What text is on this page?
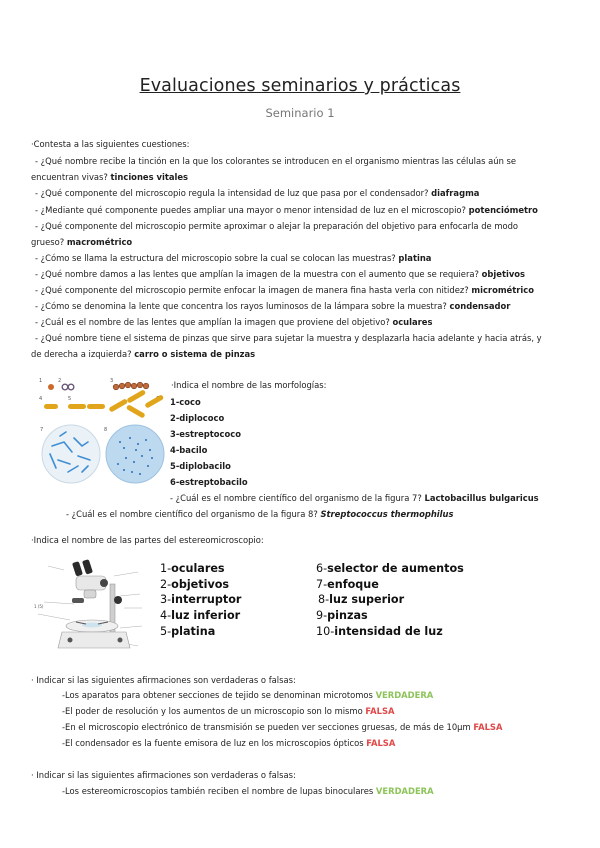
Evaluaciones seminarios y prácticas
Seminario 1
·Contesta a las siguientes cuestiones:
- ¿Qué nombre recibe la tinción en la que los colorantes se introducen en el organismo mientras las células aún se
encuentran vivas? tinciones vitales
- ¿Qué componente del microscopio regula la intensidad de luz que pasa por el condensador? diafragma
- ¿Mediante qué componente puedes ampliar una mayor o menor intensidad de luz en el microscopio? potenciómetro
- ¿Qué componente del microscopio permite aproximar o alejar la preparación del objetivo para enfocarla de modo
grueso? macrométrico
- ¿Cómo se llama la estructura del microscopio sobre la cual se colocan las muestras? platina
- ¿Qué nombre damos a las lentes que amplían la imagen de la muestra con el aumento que se requiera? objetivos
- ¿Qué componente del microscopio permite enfocar la imagen de manera fina hasta verla con nitidez? micrométrico
- ¿Cómo se denomina la lente que concentra los rayos luminosos de la lámpara sobre la muestra? condensador
- ¿Cuál es el nombre de las lentes que amplían la imagen que proviene del objetivo? oculares
- ¿Qué nombre tiene el sistema de pinzas que sirve para sujetar la muestra y desplazarla hacia adelante y hacia atrás, y
de derecha a izquierda? carro o sistema de pinzas
1	2	3
4	5
7	8
·Indica el nombre de las morfologías:
1-coco
2-diplococo
3-estreptococo
4-bacilo
5-diplobacilo
6-estreptobacilo
- ¿Cuál es el nombre científico del organismo de la figura 7? Lactobacillus bulgaricus
- ¿Cuál es el nombre científico del organismo de la figura 8? Streptococcus thermophilus
·Indica el nombre de las partes del estereomicroscopio:
1 (5)
1-oculares
2-objetivos
3-interruptor
4-luz inferior
5-platina
6-selector de aumentos
7-enfoque
8-luz superior
9-pinzas
10-intensidad de luz
· Indicar si las siguientes afirmaciones son verdaderas o falsas:
-Los aparatos para obtener secciones de tejido se denominan microtomos VERDADERA
-El poder de resolución y los aumentos de un microscopio son lo mismo FALSA
-En el microscopio electrónico de transmisión se pueden ver secciones gruesas, de más de 10µm FALSA
-El condensador es la fuente emisora de luz en los microscopios ópticos FALSA
· Indicar si las siguientes afirmaciones son verdaderas o falsas:
-Los estereomicroscopios también reciben el nombre de lupas binoculares VERDADERA
